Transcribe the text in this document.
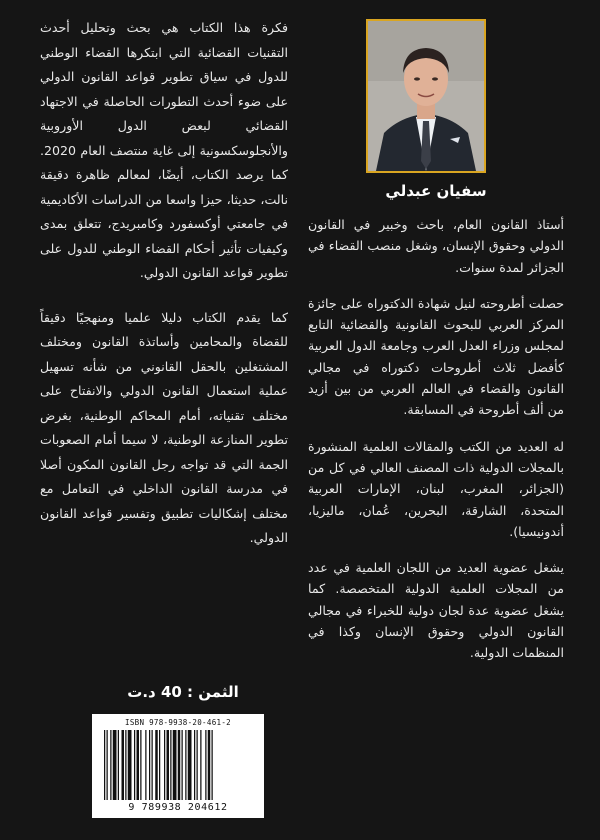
فكرة هذا الكتاب هي بحث وتحليل أحدث التقنيات القضائية التي ابتكرها القضاء الوطني للدول في سياق تطوير قواعد القانون الدولي على ضوء أحدث التطورات الحاصلة في الاجتهاد القضائي لبعض الدول الأوروبية والأنجلوسكسونية إلى غاية منتصف العام 2020. كما يرصد الكتاب، أيضًا، لمعالم ظاهرة دقيقة نالت، حديثا، حيزا واسعا من الدراسات الأكاديمية في جامعتي أوكسفورد وكامبريدج، تتعلق بمدى وكيفيات تأثير أحكام القضاء الوطني للدول على تطوير قواعد القانون الدولي.

كما يقدم الكتاب دليلا علميا ومنهجيًا دقيقاً للقضاة والمحامين وأساتذة القانون ومختلف المشتغلين بالحقل القانوني من شأنه تسهيل عملية استعمال القانون الدولي والانفتاح على مختلف تقنياته، أمام المحاكم الوطنية، بغرض تطوير المنازعة الوطنية، لا سيما أمام الصعوبات الجمة التي قد تواجه رجل القانون المكون أصلا في مدرسة القانون الداخلي في التعامل مع مختلف إشكاليات تطبيق وتفسير قواعد القانون الدولي.

سفيان عبدلي

أستاذ القانون العام، باحث وخبير في القانون الدولي وحقوق الإنسان، وشغل منصب القضاء في الجزائر لمدة سنوات.

حصلت أطروحته لنيل شهادة الدكتوراه على جائزة المركز العربي للبحوث القانونية والقضائية التابع لمجلس وزراء العدل العرب وجامعة الدول العربية كأفضل ثلاث أطروحات دكتوراه في مجالي القانون والقضاء في العالم العربي من بين أزيد من ألف أطروحة في المسابقة.

له العديد من الكتب والمقالات العلمية المنشورة بالمجلات الدولية ذات المصنف العالي في كل من (الجزائر، المغرب، لبنان، الإمارات العربية المتحدة، الشارقة، البحرين، عُمان، ماليزيا، أندونيسيا).

يشغل عضوية العديد من اللجان العلمية في عدد من المجلات العلمية الدولية المتخصصة. كما يشغل عضوية عدة لجان دولية للخبراء في مجالي القانون الدولي وحقوق الإنسان وكذا في المنظمات الدولية.

الثمن : 40 د.ت
ISBN 978-9938-20-461-2
9 789938 204612
